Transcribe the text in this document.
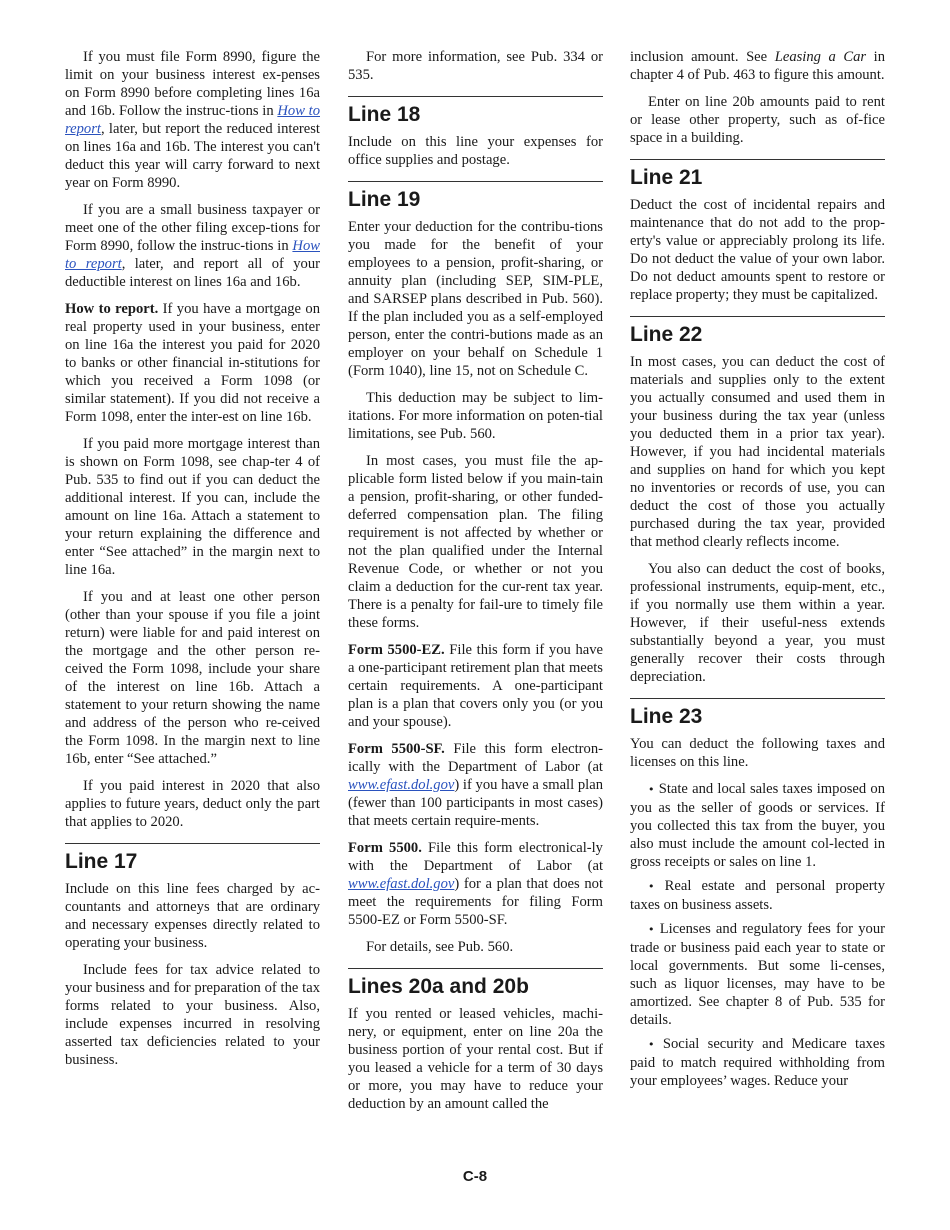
If you must file Form 8990, figure the limit on your business interest ex-penses on Form 8990 before completing lines 16a and 16b. Follow the instruc-tions in How to report, later, but report the reduced interest on lines 16a and 16b. The interest you can't deduct this year will carry forward to next year on Form 8990.

If you are a small business taxpayer or meet one of the other filing excep-tions for Form 8990, follow the instruc-tions in How to report, later, and report all of your deductible interest on lines 16a and 16b.

How to report. If you have a mortgage on real property used in your business, enter on line 16a the interest you paid for 2020 to banks or other financial in-stitutions for which you received a Form 1098 (or similar statement). If you did not receive a Form 1098, enter the inter-est on line 16b.

If you paid more mortgage interest than is shown on Form 1098, see chap-ter 4 of Pub. 535 to find out if you can deduct the additional interest. If you can, include the amount on line 16a. Attach a statement to your return explaining the difference and enter “See attached” in the margin next to line 16a.

If you and at least one other person (other than your spouse if you file a joint return) were liable for and paid interest on the mortgage and the other person re-ceived the Form 1098, include your share of the interest on line 16b. Attach a statement to your return showing the name and address of the person who re-ceived the Form 1098. In the margin next to line 16b, enter “See attached.”

If you paid interest in 2020 that also applies to future years, deduct only the part that applies to 2020.

Line 17

Include on this line fees charged by ac-countants and attorneys that are ordinary and necessary expenses directly related to operating your business.

Include fees for tax advice related to your business and for preparation of the tax forms related to your business. Also, include expenses incurred in resolving asserted tax deficiencies related to your business.

For more information, see Pub. 334 or 535.

Line 18

Include on this line your expenses for office supplies and postage.

Line 19

Enter your deduction for the contribu-tions you made for the benefit of your employees to a pension, profit-sharing, or annuity plan (including SEP, SIM-PLE, and SARSEP plans described in Pub. 560). If the plan included you as a self-employed person, enter the contri-butions made as an employer on your behalf on Schedule 1 (Form 1040), line 15, not on Schedule C.

This deduction may be subject to lim-itations. For more information on poten-tial limitations, see Pub. 560.

In most cases, you must file the ap-plicable form listed below if you main-tain a pension, profit-sharing, or other funded-deferred compensation plan. The filing requirement is not affected by whether or not the plan qualified under the Internal Revenue Code, or whether or not you claim a deduction for the cur-rent tax year. There is a penalty for fail-ure to timely file these forms.

Form 5500-EZ. File this form if you have a one-participant retirement plan that meets certain requirements. A one-participant plan is a plan that covers only you (or you and your spouse).

Form 5500-SF. File this form electron-ically with the Department of Labor (at www.efast.dol.gov) if you have a small plan (fewer than 100 participants in most cases) that meets certain require-ments.

Form 5500. File this form electronical-ly with the Department of Labor (at www.efast.dol.gov) for a plan that does not meet the requirements for filing Form 5500-EZ or Form 5500-SF.

For details, see Pub. 560.

Lines 20a and 20b

If you rented or leased vehicles, machi-nery, or equipment, enter on line 20a the business portion of your rental cost. But if you leased a vehicle for a term of 30 days or more, you may have to reduce your deduction by an amount called the

inclusion amount. See Leasing a Car in chapter 4 of Pub. 463 to figure this amount.

Enter on line 20b amounts paid to rent or lease other property, such as of-fice space in a building.

Line 21

Deduct the cost of incidental repairs and maintenance that do not add to the prop-erty's value or appreciably prolong its life. Do not deduct the value of your own labor. Do not deduct amounts spent to restore or replace property; they must be capitalized.

Line 22

In most cases, you can deduct the cost of materials and supplies only to the extent you actually consumed and used them in your business during the tax year (unless you deducted them in a prior tax year). However, if you had incidental materials and supplies on hand for which you kept no inventories or records of use, you can deduct the cost of those you actually purchased during the tax year, provided that method clearly reflects income.

You also can deduct the cost of books, professional instruments, equip-ment, etc., if you normally use them within a year. However, if their useful-ness extends substantially beyond a year, you must generally recover their costs through depreciation.

Line 23

You can deduct the following taxes and licenses on this line.

• State and local sales taxes imposed on you as the seller of goods or services. If you collected this tax from the buyer, you also must include the amount col-lected in gross receipts or sales on line 1.

• Real estate and personal property taxes on business assets.

• Licenses and regulatory fees for your trade or business paid each year to state or local governments. But some li-censes, such as liquor licenses, may have to be amortized. See chapter 8 of Pub. 535 for details.

• Social security and Medicare taxes paid to match required withholding from your employees’ wages. Reduce your

C-8
